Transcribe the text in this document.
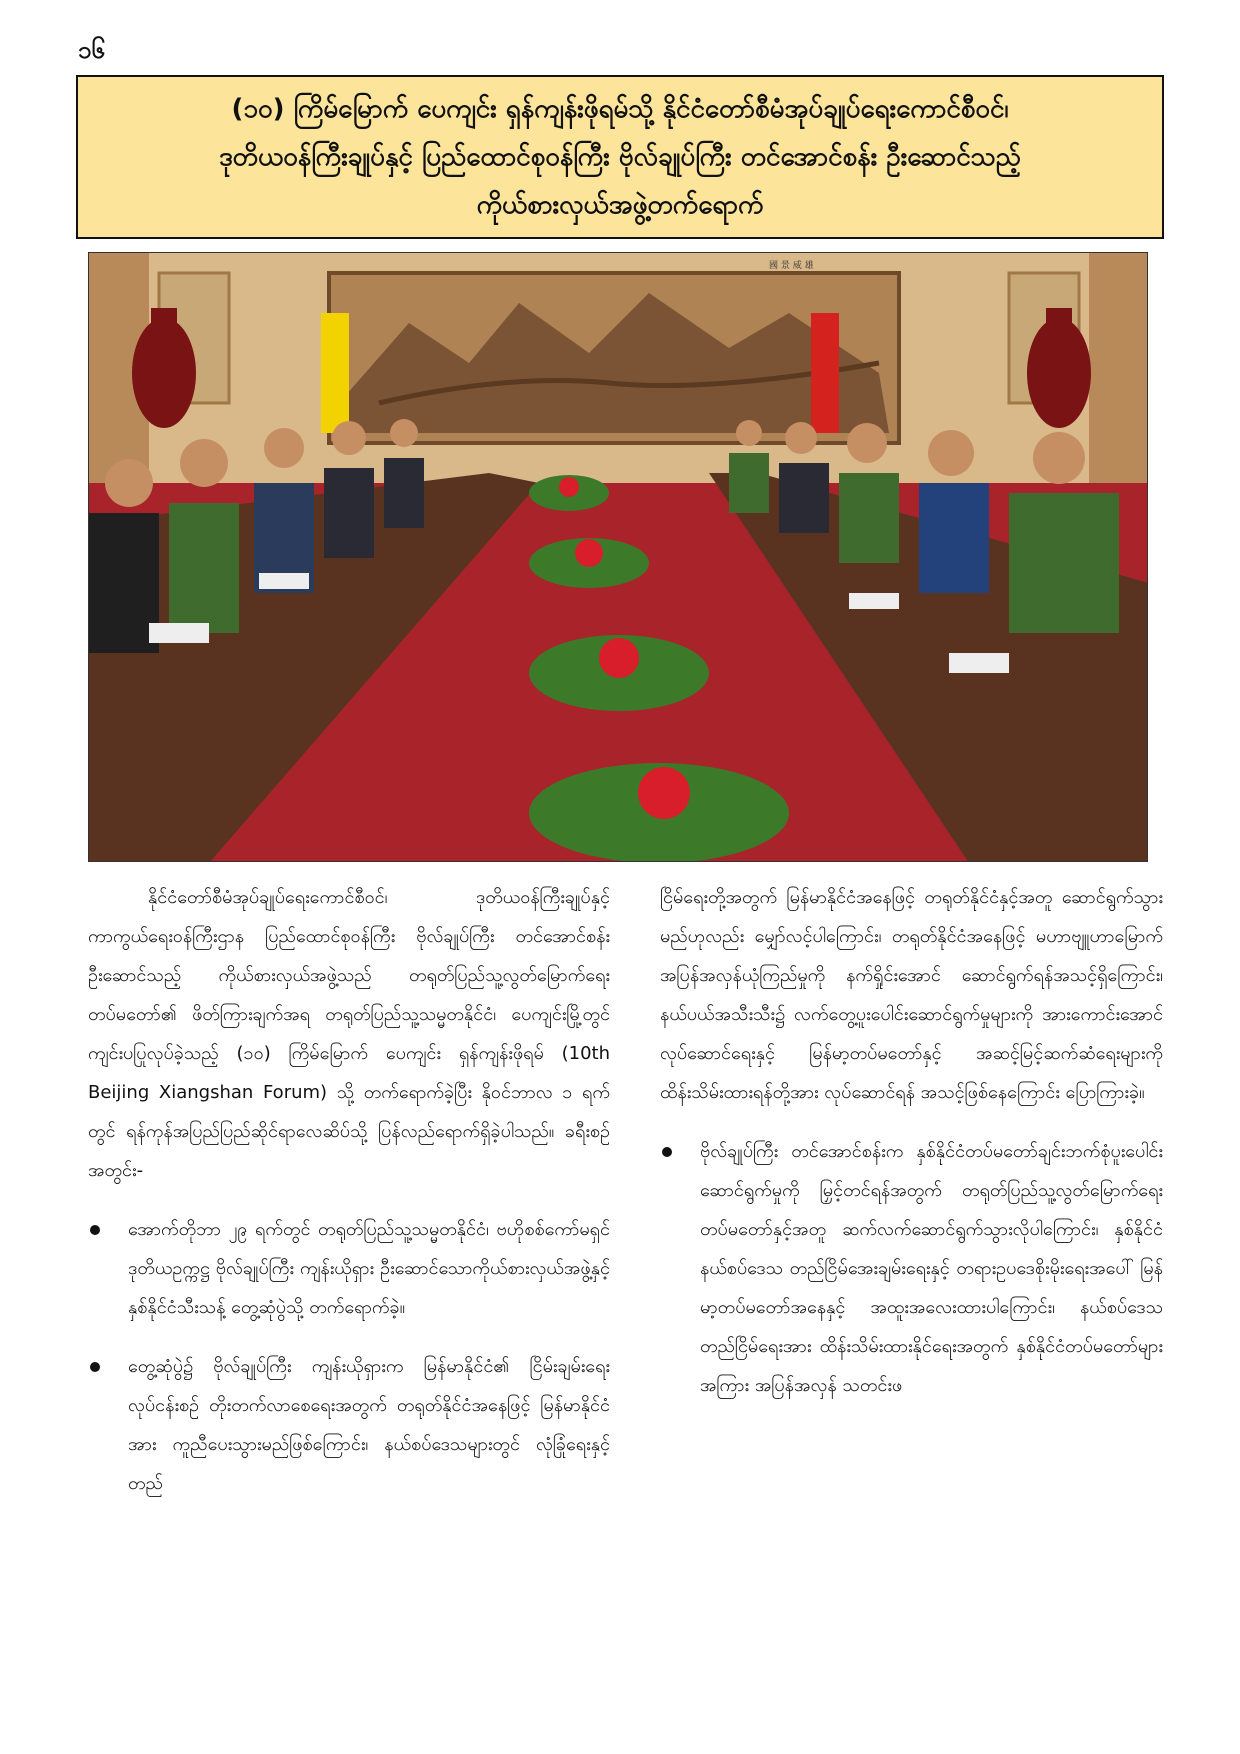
၁၆
(၁၀) ကြိမ်မြောက် ပေကျင်း ရှန်ကျန်းဖိုရမ်သို့ နိုင်ငံတော်စီမံအုပ်ချုပ်ရေးကောင်စီဝင်၊
ဒုတိယဝန်ကြီးချုပ်နှင့် ပြည်ထောင်စုဝန်ကြီး ဗိုလ်ချုပ်ကြီး တင်အောင်စန်း ဦးဆောင်သည့်
ကိုယ်စားလှယ်အဖွဲ့တက်ရောက်
國 景 威 雄

နိုင်ငံတော်စီမံအုပ်ချုပ်ရေးကောင်စီဝင်၊ ဒုတိယဝန်ကြီးချုပ်နှင့် ကာကွယ်ရေးဝန်ကြီးဌာန ပြည်ထောင်စုဝန်ကြီး ဗိုလ်ချုပ်ကြီး တင်အောင်စန်းဦးဆောင်သည့် ကိုယ်စားလှယ်အဖွဲ့သည် တရုတ်ပြည်သူ့လွတ်မြောက်ရေးတပ်မတော်၏ ဖိတ်ကြားချက်အရ တရုတ်ပြည်သူ့သမ္မတနိုင်ငံ၊ ပေကျင်းမြို့တွင် ကျင်းပပြုလုပ်ခဲ့သည့် (၁၀) ကြိမ်မြောက် ပေကျင်း ရှန်ကျန်းဖိုရမ် (10th Beijing Xiangshan Forum) သို့ တက်ရောက်ခဲ့ပြီး နိုဝင်ဘာလ ၁ ရက်တွင် ရန်ကုန်အပြည်ပြည်ဆိုင်ရာလေဆိပ်သို့ ပြန်လည်ရောက်ရှိခဲ့ပါသည်။ ခရီးစဉ်အတွင်း-

အောက်တိုဘာ ၂၉ ရက်တွင် တရုတ်ပြည်သူ့သမ္မတနိုင်ငံ၊ ဗဟိုစစ်ကော်မရှင် ဒုတိယဥက္ကဋ္ဌ ဗိုလ်ချုပ်ကြီး ကျန်းယိုရှား ဦးဆောင်သောကိုယ်စားလှယ်အဖွဲ့နှင့် နှစ်နိုင်ငံသီးသန့် တွေ့ဆုံပွဲသို့ တက်ရောက်ခဲ့။
တွေ့ဆုံပွဲ၌ ဗိုလ်ချုပ်ကြီး ကျန်းယိုရှားက မြန်မာနိုင်ငံ၏ ငြိမ်းချမ်းရေးလုပ်ငန်းစဉ် တိုးတက်လာစေရေးအတွက် တရုတ်နိုင်ငံအနေဖြင့် မြန်မာနိုင်ငံအား ကူညီပေးသွားမည်ဖြစ်ကြောင်း၊ နယ်စပ်ဒေသများတွင် လုံခြုံရေးနှင့် တည်

ငြိမ်ရေးတို့အတွက် မြန်မာနိုင်ငံအနေဖြင့် တရုတ်နိုင်ငံနှင့်အတူ ဆောင်ရွက်သွားမည်ဟုလည်း မျှော်လင့်ပါကြောင်း၊ တရုတ်နိုင်ငံအနေဖြင့် မဟာဗျူဟာမြောက် အပြန်အလှန်ယုံကြည်မှုကို နက်ရှိုင်းအောင် ဆောင်ရွက်ရန်အသင့်ရှိကြောင်း၊ နယ်ပယ်အသီးသီး၌ လက်တွေ့ပူးပေါင်းဆောင်ရွက်မှုများကို အားကောင်းအောင်လုပ်ဆောင်ရေးနှင့် မြန်မာ့တပ်မတော်နှင့် အဆင့်မြင့်ဆက်ဆံရေးများကို ထိန်းသိမ်းထားရန်တို့အား လုပ်ဆောင်ရန် အသင့်ဖြစ်နေကြောင်း ပြောကြားခဲ့။

ဗိုလ်ချုပ်ကြီး တင်အောင်စန်းက နှစ်နိုင်ငံတပ်မတော်ချင်းဘက်စုံပူးပေါင်းဆောင်ရွက်မှုကို မြှင့်တင်ရန်အတွက် တရုတ်ပြည်သူ့လွတ်မြောက်ရေးတပ်မတော်နှင့်အတူ ဆက်လက်ဆောင်ရွက်သွားလိုပါကြောင်း၊ နှစ်နိုင်ငံနယ်စပ်ဒေသ တည်ငြိမ်အေးချမ်းရေးနှင့် တရားဥပဒေစိုးမိုးရေးအပေါ် မြန်မာ့တပ်မတော်အနေနှင့် အထူးအလေးထားပါကြောင်း၊ နယ်စပ်ဒေသတည်ငြိမ်ရေးအား ထိန်းသိမ်းထားနိုင်ရေးအတွက် နှစ်နိုင်ငံတပ်မတော်များအကြား အပြန်အလှန် သတင်းဖ
